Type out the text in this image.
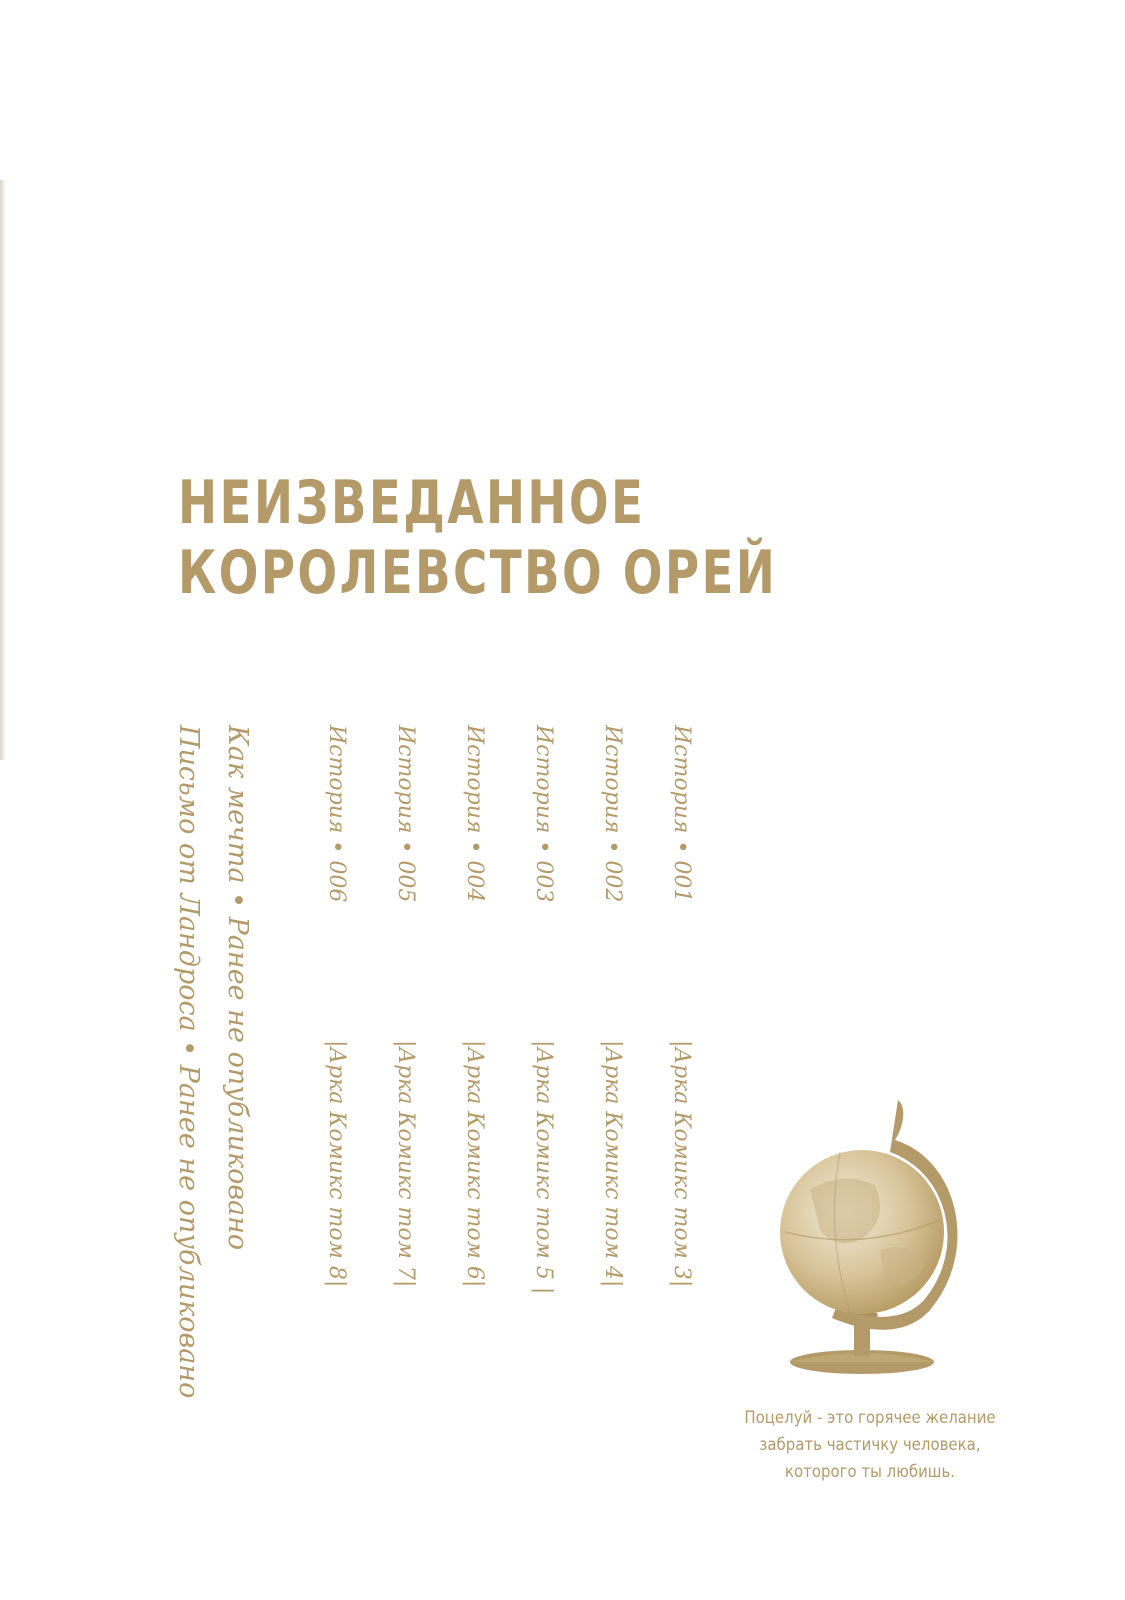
НЕИЗВЕДАННОЕ
КОРОЛЕВСТВО ОРЕЙ
История • 001|Арка Комикс том 3|
История • 002|Арка Комикс том 4|
История • 003|Арка Комикс том 5 |
История • 004|Арка Комикс том 6|
История • 005|Арка Комикс том 7|
История • 006|Арка Комикс том 8|
Как мечта • Ранее не опубликовано
Письмо от Ландроса • Ранее не опубликовано
Поцелуй - это горячее желание
забрать частичку человека,
которого ты любишь.
